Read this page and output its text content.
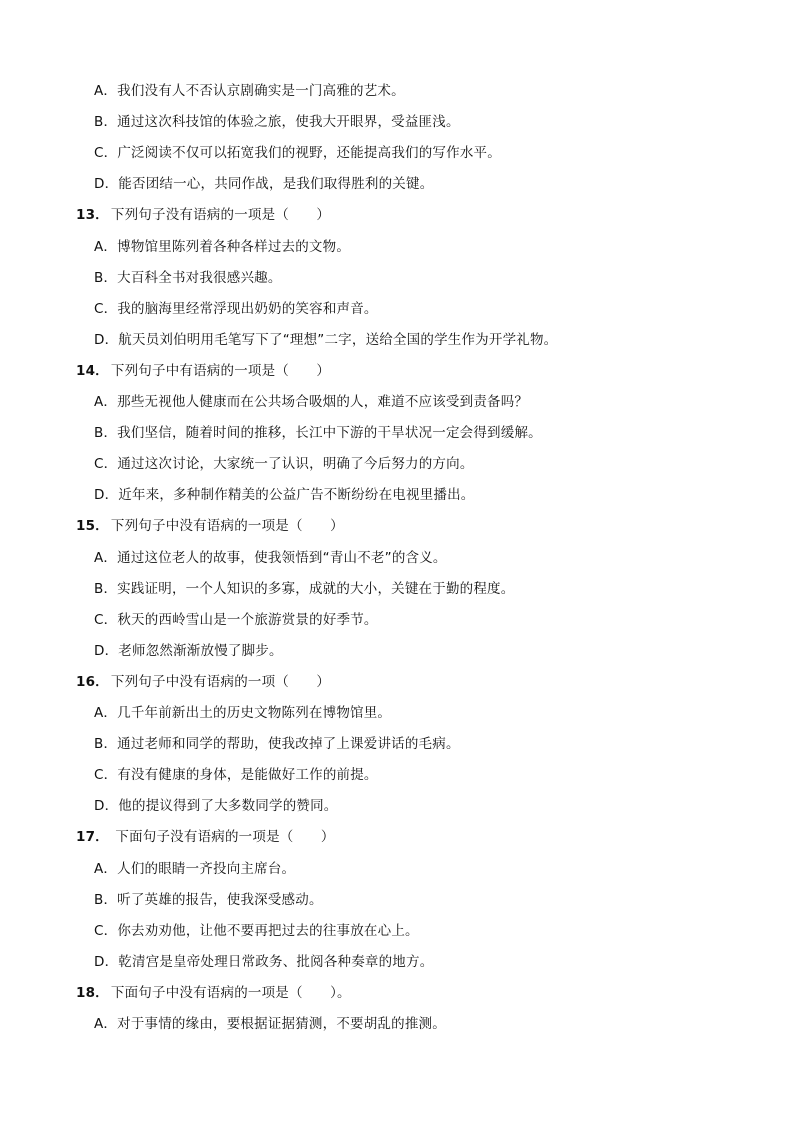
A．我们没有人不否认京剧确实是一门高雅的艺术。
B．通过这次科技馆的体验之旅，使我大开眼界，受益匪浅。
C．广泛阅读不仅可以拓宽我们的视野，还能提高我们的写作水平。
D．能否团结一心，共同作战，是我们取得胜利的关键。
13． 下列句子没有语病的一项是（　　）
A．博物馆里陈列着各种各样过去的文物。
B．大百科全书对我很感兴趣。
C．我的脑海里经常浮现出奶奶的笑容和声音。
D．航天员刘伯明用毛笔写下了“理想”二字，送给全国的学生作为开学礼物。
14． 下列句子中有语病的一项是（　　）
A．那些无视他人健康而在公共场合吸烟的人，难道不应该受到责备吗？
B．我们坚信，随着时间的推移，长江中下游的干旱状况一定会得到缓解。
C．通过这次讨论，大家统一了认识，明确了今后努力的方向。
D．近年来，多种制作精美的公益广告不断纷纷在电视里播出。
15． 下列句子中没有语病的一项是（　　）
A．通过这位老人的故事，使我领悟到“青山不老”的含义。
B．实践证明，一个人知识的多寡，成就的大小，关键在于勤的程度。
C．秋天的西岭雪山是一个旅游赏景的好季节。
D．老师忽然渐渐放慢了脚步。
16． 下列句子中没有语病的一项（　　）
A．几千年前新出土的历史文物陈列在博物馆里。
B．通过老师和同学的帮助，使我改掉了上课爱讲话的毛病。
C．有没有健康的身体，是能做好工作的前提。
D．他的提议得到了大多数同学的赞同。
17． 下面句子没有语病的一项是（　　）
A．人们的眼睛一齐投向主席台。
B．听了英雄的报告，使我深受感动。
C．你去劝劝他，让他不要再把过去的往事放在心上。
D．乾清宫是皇帝处理日常政务、批阅各种奏章的地方。
18． 下面句子中没有语病的一项是（　　）。
A．对于事情的缘由，要根据证据猜测，不要胡乱的推测。
